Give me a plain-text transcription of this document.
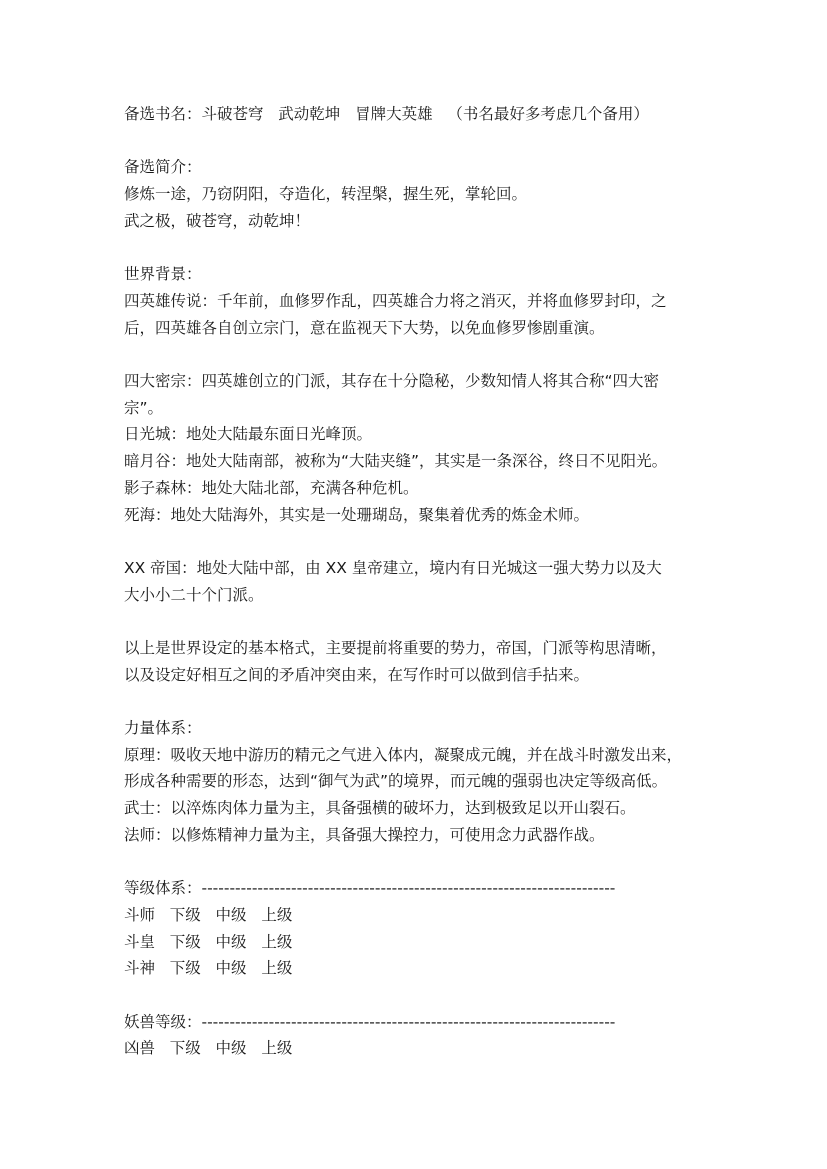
备选书名：斗破苍穹   武动乾坤   冒牌大英雄   （书名最好多考虑几个备用）
备选简介：
修炼一途，乃窃阴阳，夺造化，转涅槃，握生死，掌轮回。
武之极，破苍穹，动乾坤！
世界背景：
四英雄传说：千年前，血修罗作乱，四英雄合力将之消灭，并将血修罗封印，之
后，四英雄各自创立宗门，意在监视天下大势，以免血修罗惨剧重演。
四大密宗：四英雄创立的门派，其存在十分隐秘，少数知情人将其合称“四大密
宗”。
日光城：地处大陆最东面日光峰顶。
暗月谷：地处大陆南部，被称为“大陆夹缝”，其实是一条深谷，终日不见阳光。
影子森林：地处大陆北部，充满各种危机。
死海：地处大陆海外，其实是一处珊瑚岛，聚集着优秀的炼金术师。
XX 帝国：地处大陆中部，由 XX 皇帝建立，境内有日光城这一强大势力以及大
大小小二十个门派。
以上是世界设定的基本格式，主要提前将重要的势力，帝国，门派等构思清晰，
以及设定好相互之间的矛盾冲突由来，在写作时可以做到信手拈来。
力量体系：
原理：吸收天地中游历的精元之气进入体内，凝聚成元魄，并在战斗时激发出来，
形成各种需要的形态，达到“御气为武”的境界，而元魄的强弱也决定等级高低。
武士：以淬炼肉体力量为主，具备强横的破坏力，达到极致足以开山裂石。
法师：以修炼精神力量为主，具备强大操控力，可使用念力武器作战。
等级体系：--------------------------------------------------------------------------
斗师   下级   中级   上级
斗皇   下级   中级   上级
斗神   下级   中级   上级
妖兽等级：--------------------------------------------------------------------------
凶兽   下级   中级   上级
